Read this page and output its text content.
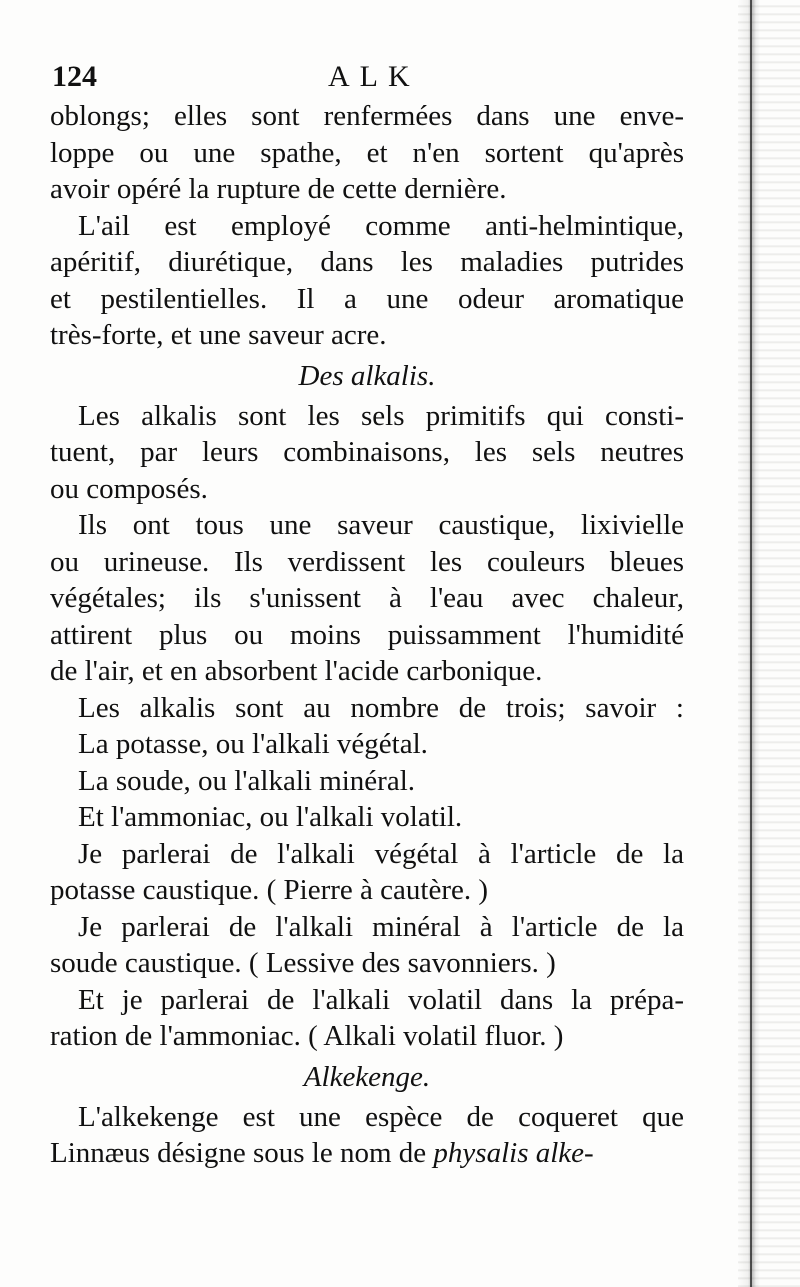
124	ALK
oblongs; elles sont renfermées dans une enve-
loppe ou une spathe, et n'en sortent qu'après
avoir opéré la rupture de cette dernière.
L'ail est employé comme anti-helmintique,
apéritif, diurétique, dans les maladies putrides
et pestilentielles. Il a une odeur aromatique
très-forte, et une saveur acre.
Des alkalis.
Les alkalis sont les sels primitifs qui consti-
tuent, par leurs combinaisons, les sels neutres
ou composés.
Ils ont tous une saveur caustique, lixivielle
ou urineuse. Ils verdissent les couleurs bleues
végétales; ils s'unissent à l'eau avec chaleur,
attirent plus ou moins puissamment l'humidité
de l'air, et en absorbent l'acide carbonique.
Les alkalis sont au nombre de trois; savoir :
La potasse, ou l'alkali végétal.
La soude, ou l'alkali minéral.
Et l'ammoniac, ou l'alkali volatil.
Je parlerai de l'alkali végétal à l'article de la
potasse caustique. ( Pierre à cautère. )
Je parlerai de l'alkali minéral à l'article de la
soude caustique. ( Lessive des savonniers. )
Et je parlerai de l'alkali volatil dans la prépa-
ration de l'ammoniac. ( Alkali volatil fluor. )
Alkekenge.
L'alkekenge est une espèce de coqueret que
Linnæus désigne sous le nom de physalis alke-
